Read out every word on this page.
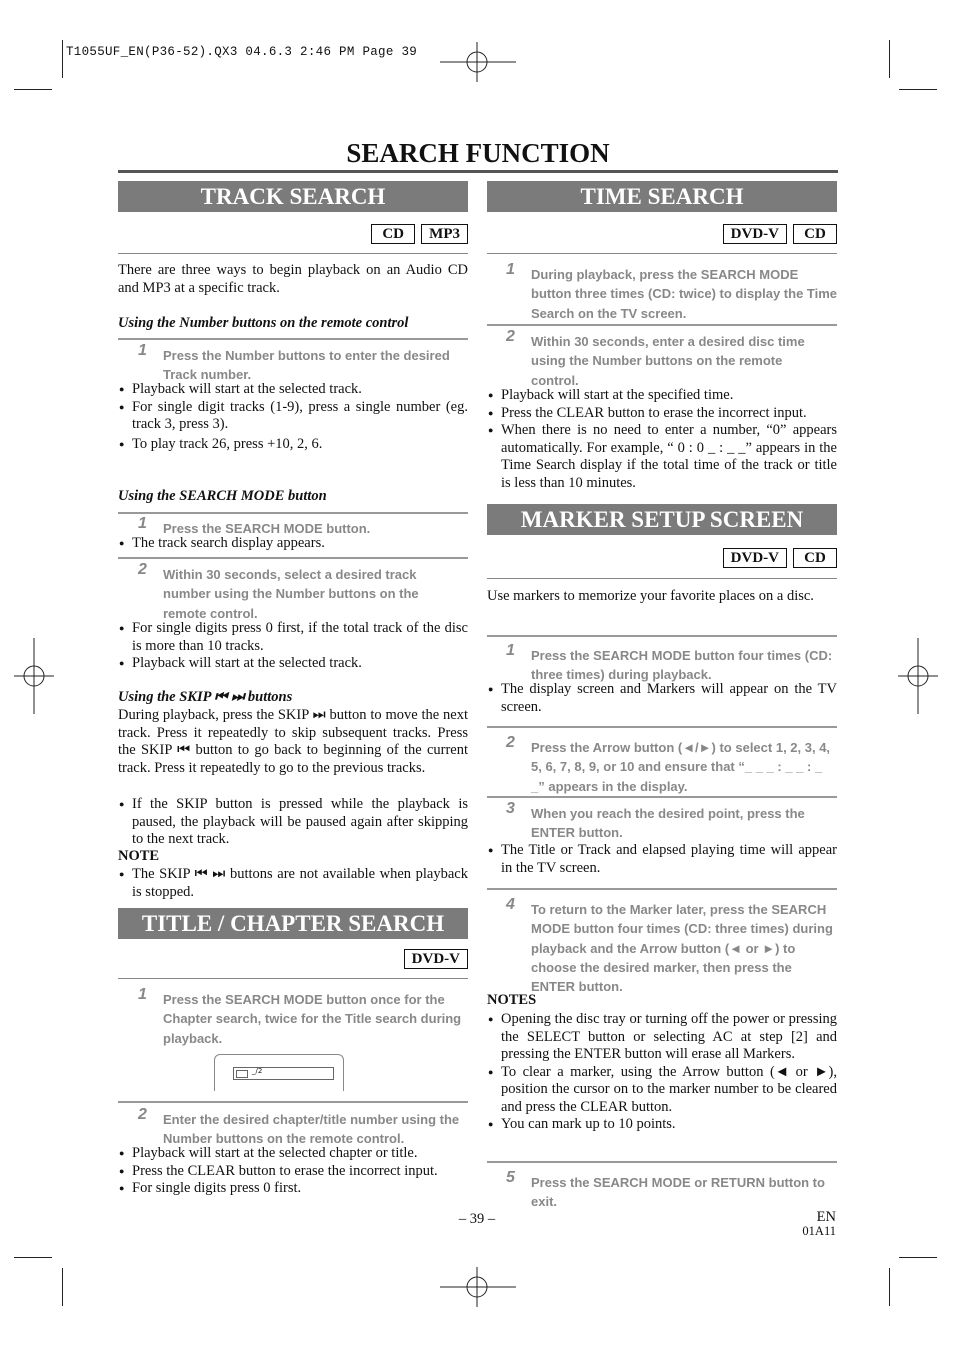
T1055UF_EN(P36-52).QX3 04.6.3 2:46 PM Page 39
SEARCH FUNCTION
TRACK SEARCH
CD	MP3
There are three ways to begin playback on an Audio CD and MP3 at a specific track.
Using the Number buttons on the remote control
1 Press the Number buttons to enter the desired Track number.
● Playback will start at the selected track.
● For single digit tracks (1-9), press a single number (eg. track 3, press 3).
● To play track 26, press +10, 2, 6.
Using the SEARCH MODE button
1 Press the SEARCH MODE button.
● The track search display appears.
2 Within 30 seconds, select a desired track number using the Number buttons on the remote control.
● For single digits press 0 first, if the total track of the disc is more than 10 tracks.
● Playback will start at the selected track.
Using the SKIP ⏮ ⏭ buttons
During playback, press the SKIP ⏭ button to move the next track. Press it repeatedly to skip subsequent tracks. Press the SKIP ⏮ button to go back to beginning of the current track. Press it repeatedly to go to the previous tracks.
● If the SKIP button is pressed while the playback is paused, the playback will be paused again after skipping to the next track.
NOTE
● The SKIP ⏮ ⏭ buttons are not available when playback is stopped.
TITLE / CHAPTER SEARCH
DVD-V
1 Press the SEARCH MODE button once for the Chapter search, twice for the Title search during playback.
_/2
2 Enter the desired chapter/title number using the Number buttons on the remote control.
● Playback will start at the selected chapter or title.
● Press the CLEAR button to erase the incorrect input.
● For single digits press 0 first.
TIME SEARCH
DVD-V	CD
1 During playback, press the SEARCH MODE button three times (CD: twice) to display the Time Search on the TV screen.
2 Within 30 seconds, enter a desired disc time using the Number buttons on the remote control.
● Playback will start at the specified time.
● Press the CLEAR button to erase the incorrect input.
● When there is no need to enter a number, “0” appears automatically. For example, “ 0 : 0 _ : _ _” appears in the Time Search display if the total time of the track or title is less than 10 minutes.
MARKER SETUP SCREEN
DVD-V	CD
Use markers to memorize your favorite places on a disc.
1 Press the SEARCH MODE button four times (CD: three times) during playback.
● The display screen and Markers will appear on the TV screen.
2 Press the Arrow button (◄/►) to select 1, 2, 3, 4, 5, 6, 7, 8, 9, or 10 and ensure that “_ _ _ : _ _ : _ _” appears in the display.
3 When you reach the desired point, press the ENTER button.
● The Title or Track and elapsed playing time will appear in the TV screen.
4 To return to the Marker later, press the SEARCH MODE button four times (CD: three times) during playback and the Arrow button (◄ or ►) to choose the desired marker, then press the ENTER button.
NOTES
● Opening the disc tray or turning off the power or pressing the SELECT button or selecting AC at step [2] and pressing the ENTER button will erase all Markers.
● To clear a marker, using the Arrow button (◄ or ►), position the cursor on to the marker number to be cleared and press the CLEAR button.
● You can mark up to 10 points.
5 Press the SEARCH MODE or RETURN button to exit.
– 39 –	EN
01A11
